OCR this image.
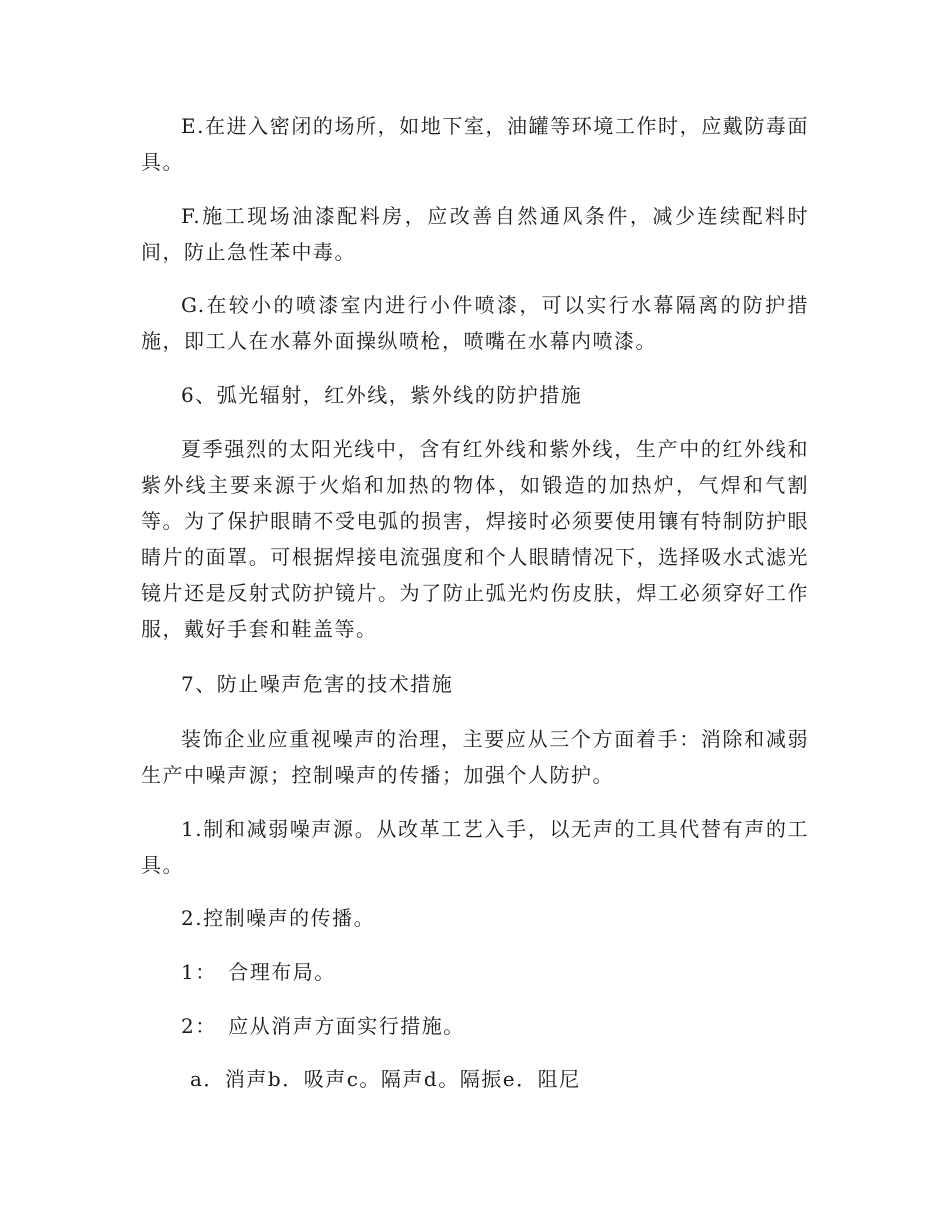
E.在进入密闭的场所，如地下室，油罐等环境工作时，应戴防毒面具。

F.施工现场油漆配料房，应改善自然通风条件，减少连续配料时间，防止急性苯中毒。

G.在较小的喷漆室内进行小件喷漆，可以实行水幕隔离的防护措施，即工人在水幕外面操纵喷枪，喷嘴在水幕内喷漆。

6、弧光辐射，红外线，紫外线的防护措施

夏季强烈的太阳光线中，含有红外线和紫外线，生产中的红外线和紫外线主要来源于火焰和加热的物体，如锻造的加热炉，气焊和气割等。为了保护眼睛不受电弧的损害，焊接时必须要使用镶有特制防护眼睛片的面罩。可根据焊接电流强度和个人眼睛情况下，选择吸水式滤光镜片还是反射式防护镜片。为了防止弧光灼伤皮肤，焊工必须穿好工作服，戴好手套和鞋盖等。

7、防止噪声危害的技术措施

装饰企业应重视噪声的治理，主要应从三个方面着手：消除和减弱生产中噪声源；控制噪声的传播；加强个人防护。

1.制和减弱噪声源。从改革工艺入手，以无声的工具代替有声的工具。

2.控制噪声的传播。

1：　合理布局。

2：　应从消声方面实行措施。

a．消声b．吸声c。隔声d。隔振e．阻尼
